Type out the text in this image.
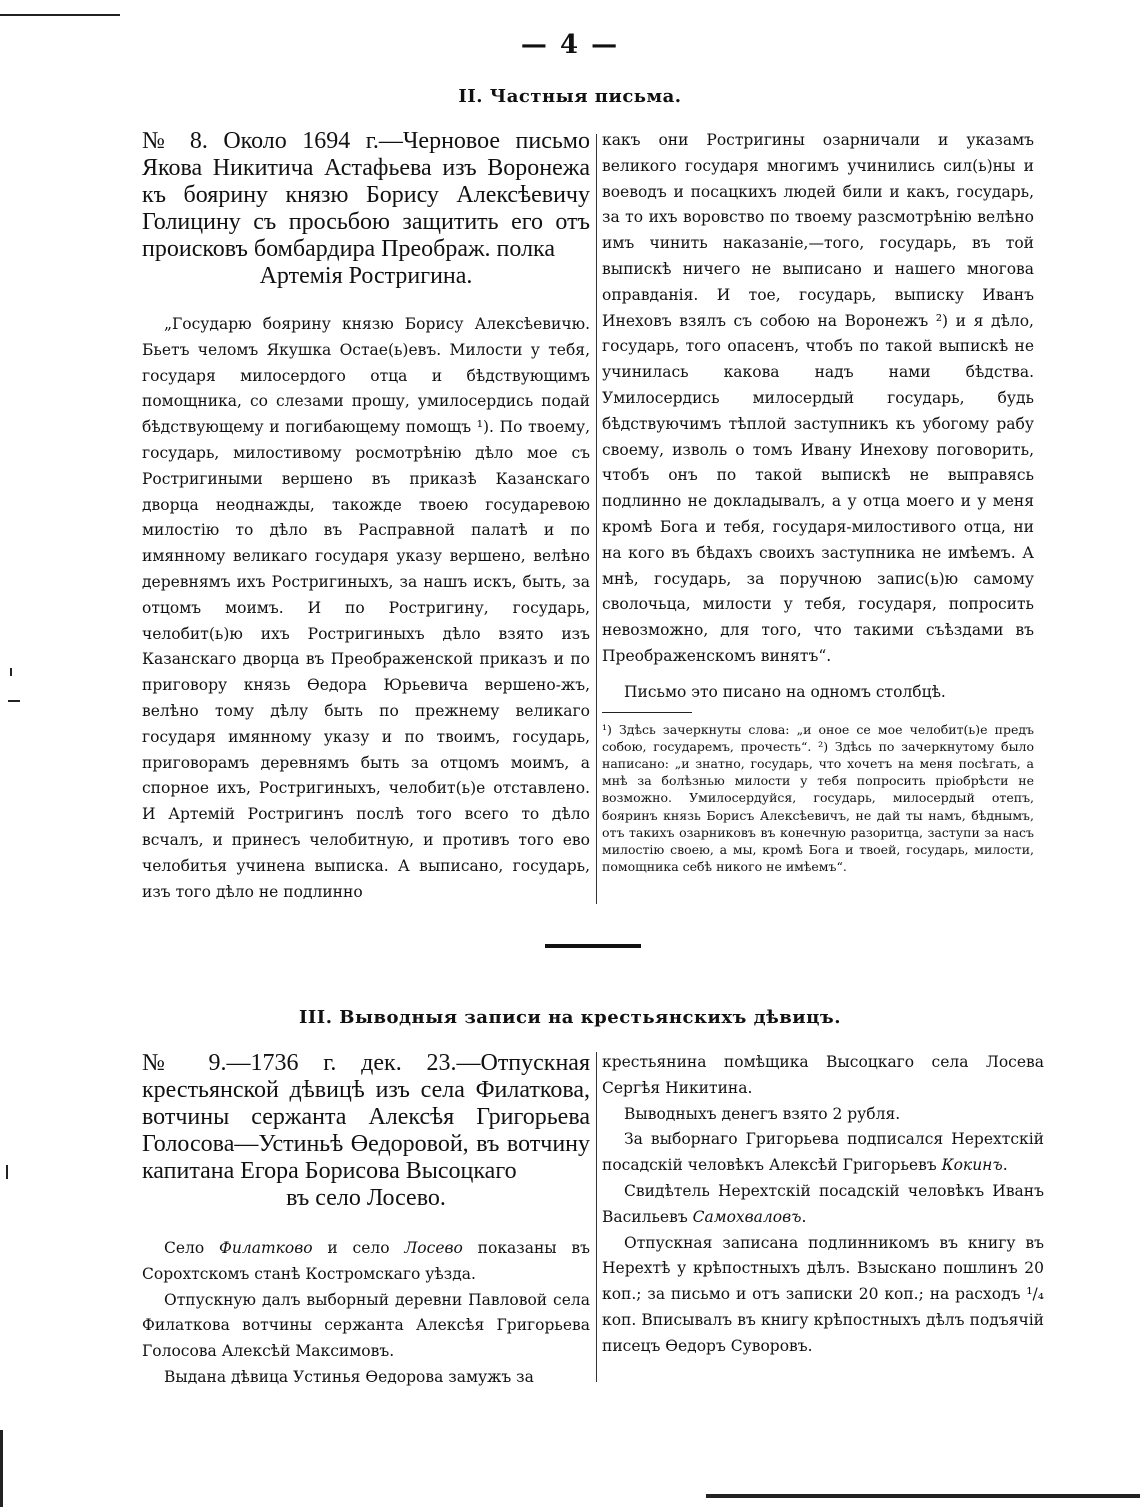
— 4 —
II. Частныя письма.

№ 8. Около 1694 г.—Черновое письмо Якова Никитича Астафьева изъ Воронежа къ боярину князю Борису Алексѣевичу Голицину съ просьбою защитить его отъ происковъ бомбардира Преображ. полка
Артемія Ростригина.

„Государю боярину князю Борису Алексѣевичю. Бьетъ челомъ Якушка Остае(ь)евъ. Милости у тебя, государя милосердого отца и бѣдствующимъ помощника, со слезами прошу, умилосердись подай бѣдствующему и погибающему помощъ ¹). По твоему, государь, милостивому росмотрѣнію дѣло мое съ Ростригиными вершено въ приказѣ Казанскаго дворца неоднажды, такожде твоею государевою милостію то дѣло въ Расправной палатѣ и по имянному великаго государя указу вершено, велѣно деревнямъ ихъ Ростригиныхъ, за нашъ искъ, быть, за отцомъ моимъ. И по Ростригину, государь, челобит(ь)ю ихъ Ростригиныхъ дѣло взято изъ Казанскаго дворца въ Преображенской приказъ и по приговору князь Өедора Юрьевича вершено-жъ, велѣно тому дѣлу быть по прежнему великаго государя имянному указу и по твоимъ, государь, приговорамъ деревнямъ быть за отцомъ моимъ, а спорное ихъ, Ростригиныхъ, челобит(ь)е отставлено. И Артемій Ростригинъ послѣ того всего то дѣло всчалъ, и принесъ челобитную, и противъ того ево челобитья учинена выписка. А выписано, государь, изъ того дѣло не подлинно

какъ они Ростригины озарничали и указамъ великого государя многимъ учинились сил(ь)ны и воеводъ и посацкихъ людей били и какъ, государь, за то ихъ воровство по твоему разсмотрѣнію велѣно имъ чинить наказаніе,—того, государь, въ той выпискѣ ничего не выписано и нашего многова оправданія. И тое, государь, выписку Иванъ Инеховъ взялъ съ собою на Воронежъ ²) и я дѣло, государь, того опасенъ, чтобъ по такой выпискѣ не учинилась какова надъ нами бѣдства. Умилосердись милосердый государь, будь бѣдствуючимъ тѣплой заступникъ къ убогому рабу своему, изволь о томъ Ивану Инехову поговорить, чтобъ онъ по такой выпискѣ не выправясь подлинно не докладывалъ, а у отца моего и у меня кромѣ Бога и тебя, государя-милостивого отца, ни на кого въ бѣдахъ своихъ заступника не имѣемъ. А мнѣ, государь, за поручною запис(ь)ю самому сволочьца, милости у тебя, государя, попросить невозможно, для того, что такими съѣздами въ Преображенскомъ винятъ“.

Письмо это писано на одномъ столбцѣ.

¹) Здѣсь зачеркнуты слова: „и оное се мое челобит(ь)е предъ собою, государемъ, прочесть“. ²) Здѣсь по зачеркнутому было написано: „и знатно, государь, что хочетъ на меня посѣгать, а мнѣ за болѣзнью милости у тебя попросить пріобрѣсти не возможно. Умилосердуйся, государь, милосердый отепъ, бояринъ князь Борисъ Алексѣевичъ, не дай ты намъ, бѣднымъ, отъ такихъ озарниковъ въ конечную разоритца, заступи за насъ милостію своею, а мы, кромѣ Бога и твоей, государь, милости, помощника себѣ никого не имѣемъ“.
III. Выводныя записи на крестьянскихъ дѣвицъ.

№ 9.—1736 г. дек. 23.—Отпускная крестьянской дѣвицѣ изъ села Филаткова, вотчины сержанта Алексѣя Григорьева Голосова—Устиньѣ Өедоровой, въ вотчину капитана Егора Борисова Высоцкаго
въ село Лосево.

Село Филатково и село Лосево показаны въ Сорохтскомъ станѣ Костромскаго уѣзда.

Отпускную далъ выборный деревни Павловой села Филаткова вотчины сержанта Алексѣя Григорьева Голосова Алексѣй Максимовъ.

Выдана дѣвица Устинья Өедорова замужъ за

крестьянина помѣщика Высоцкаго села Лосева Сергѣя Никитина.

Выводныхъ денегъ взято 2 рубля.

За выборнаго Григорьева подписался Нерехтскій посадскій человѣкъ Алексѣй Григорьевъ Кокинъ.

Свидѣтель Нерехтскій посадскій человѣкъ Иванъ Васильевъ Самохваловъ.

Отпускная записана подлинникомъ въ книгу въ Нерехтѣ у крѣпостныхъ дѣлъ. Взыскано пошлинъ 20 коп.; за письмо и отъ записки 20 коп.; на расходъ ¹/₄ коп. Вписывалъ въ книгу крѣпостныхъ дѣлъ подъячій писецъ Өедоръ Суворовъ.
